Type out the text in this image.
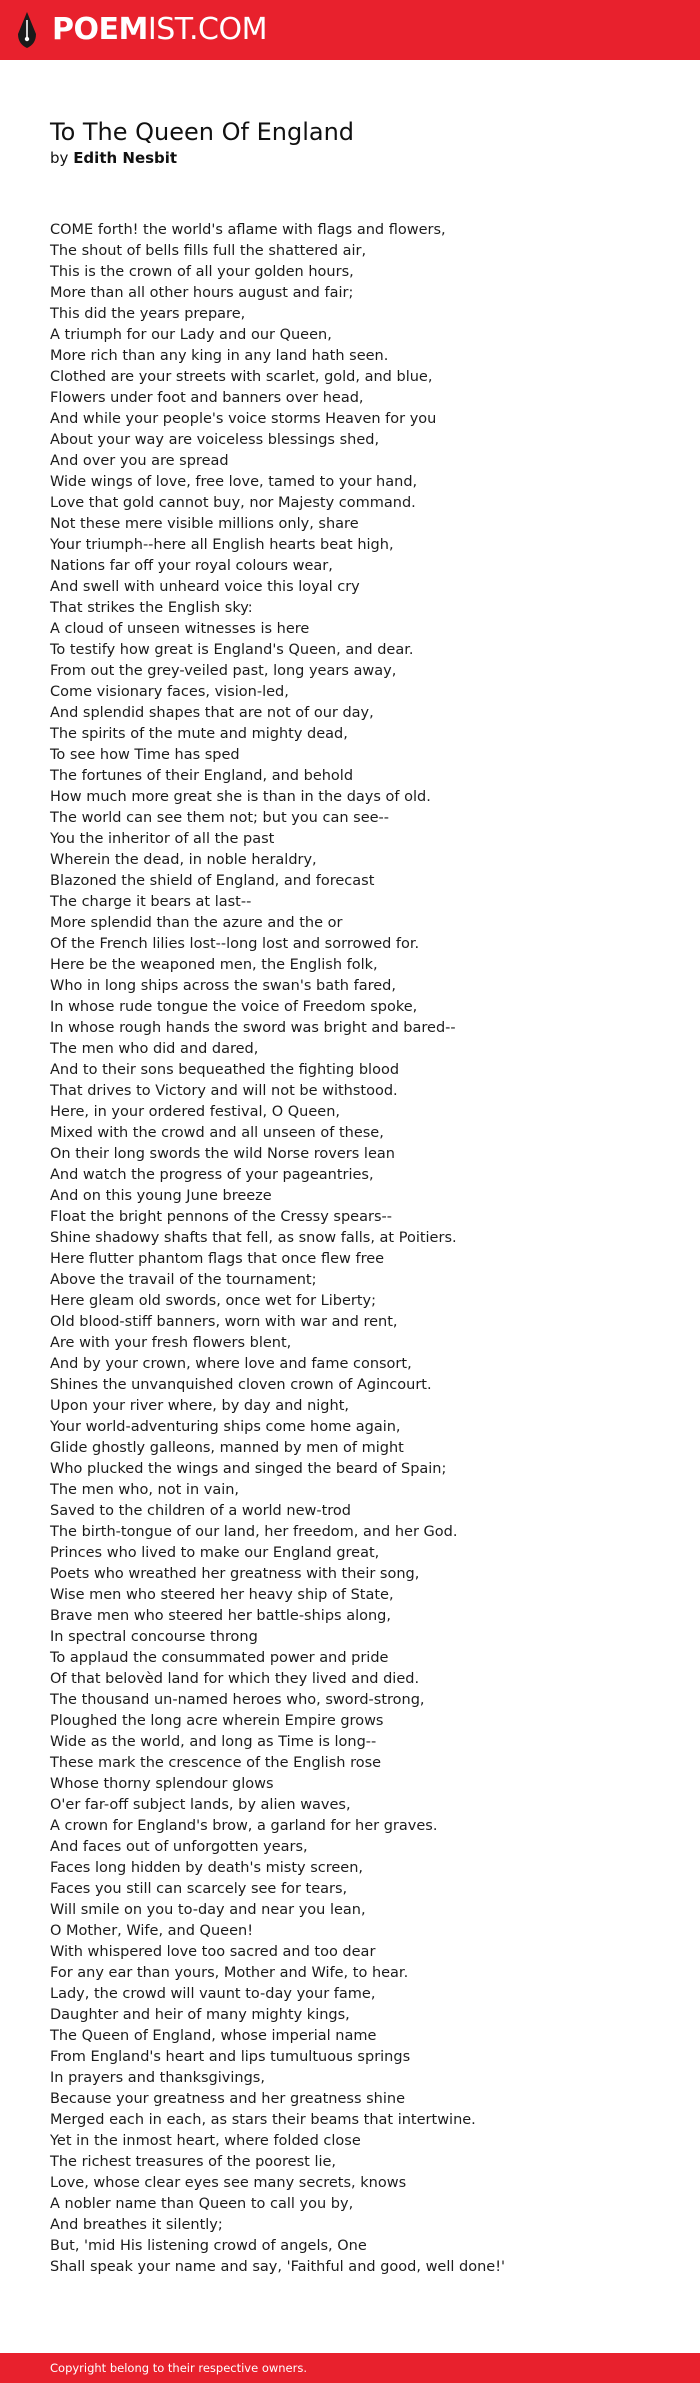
POEMIST.COM
To The Queen Of England
by Edith Nesbit
COME forth! the world's aflame with flags and flowers,
The shout of bells fills full the shattered air,
This is the crown of all your golden hours,
More than all other hours august and fair;
This did the years prepare,
A triumph for our Lady and our Queen,
More rich than any king in any land hath seen.
Clothed are your streets with scarlet, gold, and blue,
Flowers under foot and banners over head,
And while your people's voice storms Heaven for you
About your way are voiceless blessings shed,
And over you are spread
Wide wings of love, free love, tamed to your hand,
Love that gold cannot buy, nor Majesty command.
Not these mere visible millions only, share
Your triumph--here all English hearts beat high,
Nations far off your royal colours wear,
And swell with unheard voice this loyal cry
That strikes the English sky:
A cloud of unseen witnesses is here
To testify how great is England's Queen, and dear.
From out the grey-veiled past, long years away,
Come visionary faces, vision-led,
And splendid shapes that are not of our day,
The spirits of the mute and mighty dead,
To see how Time has sped
The fortunes of their England, and behold
How much more great she is than in the days of old.
The world can see them not; but you can see--
You the inheritor of all the past
Wherein the dead, in noble heraldry,
Blazoned the shield of England, and forecast
The charge it bears at last--
More splendid than the azure and the or
Of the French lilies lost--long lost and sorrowed for.
Here be the weaponed men, the English folk,
Who in long ships across the swan's bath fared,
In whose rude tongue the voice of Freedom spoke,
In whose rough hands the sword was bright and bared--
The men who did and dared,
And to their sons bequeathed the fighting blood
That drives to Victory and will not be withstood.
Here, in your ordered festival, O Queen,
Mixed with the crowd and all unseen of these,
On their long swords the wild Norse rovers lean
And watch the progress of your pageantries,
And on this young June breeze
Float the bright pennons of the Cressy spears--
Shine shadowy shafts that fell, as snow falls, at Poitiers.
Here flutter phantom flags that once flew free
Above the travail of the tournament;
Here gleam old swords, once wet for Liberty;
Old blood-stiff banners, worn with war and rent,
Are with your fresh flowers blent,
And by your crown, where love and fame consort,
Shines the unvanquished cloven crown of Agincourt.
Upon your river where, by day and night,
Your world-adventuring ships come home again,
Glide ghostly galleons, manned by men of might
Who plucked the wings and singed the beard of Spain;
The men who, not in vain,
Saved to the children of a world new-trod
The birth-tongue of our land, her freedom, and her God.
Princes who lived to make our England great,
Poets who wreathed her greatness with their song,
Wise men who steered her heavy ship of State,
Brave men who steered her battle-ships along,
In spectral concourse throng
To applaud the consummated power and pride
Of that belovèd land for which they lived and died.
The thousand un-named heroes who, sword-strong,
Ploughed the long acre wherein Empire grows
Wide as the world, and long as Time is long--
These mark the crescence of the English rose
Whose thorny splendour glows
O'er far-off subject lands, by alien waves,
A crown for England's brow, a garland for her graves.
And faces out of unforgotten years,
Faces long hidden by death's misty screen,
Faces you still can scarcely see for tears,
Will smile on you to-day and near you lean,
O Mother, Wife, and Queen!
With whispered love too sacred and too dear
For any ear than yours, Mother and Wife, to hear.
Lady, the crowd will vaunt to-day your fame,
Daughter and heir of many mighty kings,
The Queen of England, whose imperial name
From England's heart and lips tumultuous springs
In prayers and thanksgivings,
Because your greatness and her greatness shine
Merged each in each, as stars their beams that intertwine.
Yet in the inmost heart, where folded close
The richest treasures of the poorest lie,
Love, whose clear eyes see many secrets, knows
A nobler name than Queen to call you by,
And breathes it silently;
But, 'mid His listening crowd of angels, One
Shall speak your name and say, 'Faithful and good, well done!'
Copyright belong to their respective owners.
